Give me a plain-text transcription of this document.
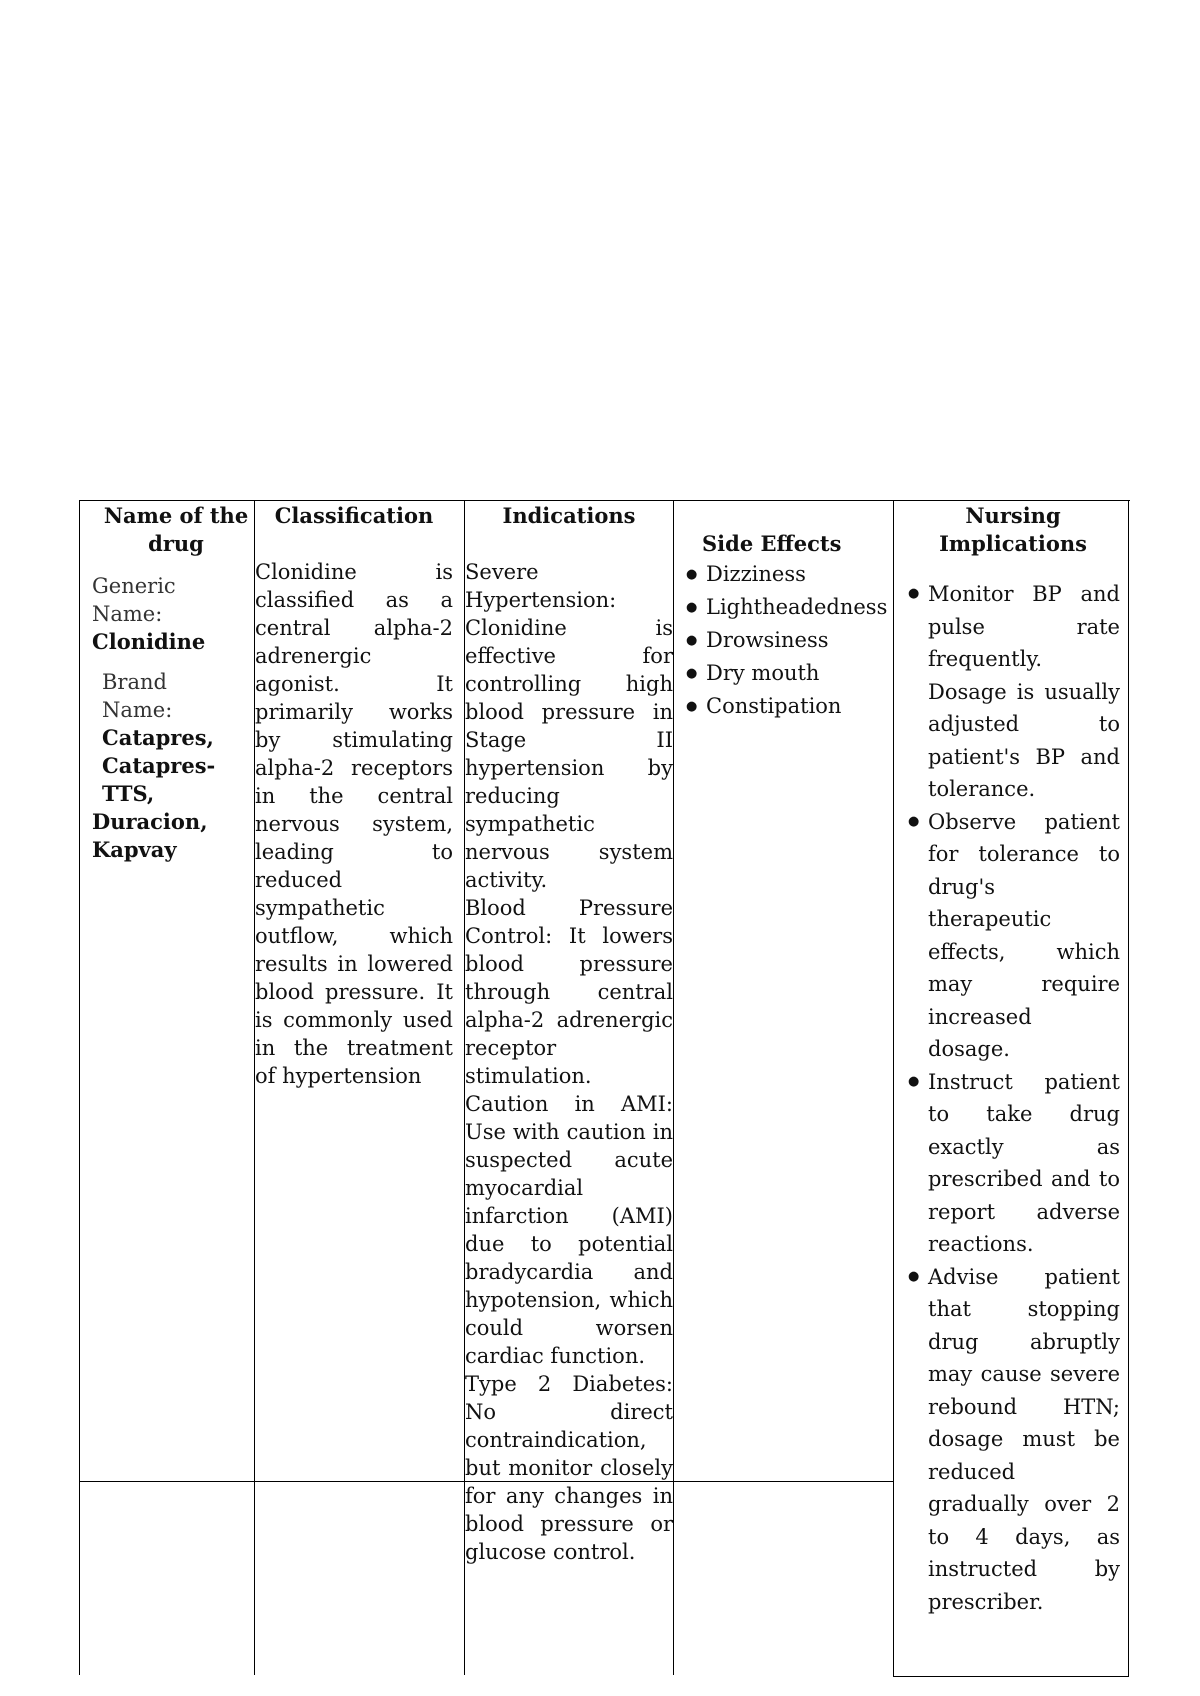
Name of the drug
Generic Name:
Clonidine
Brand Name:
Catapres,
Catapres-
TTS,
Duracion,
Kapvay
Classification
Clonidine is classified as a central alpha-2 adrenergic agonist. It primarily works by stimulating alpha-2 receptors in the central nervous system, leading to reduced sympathetic outflow, which results in lowered blood pressure. It is commonly used in the treatment of hypertension
Indications
Severe Hypertension: Clonidine is effective for controlling high blood pressure in Stage II hypertension by reducing sympathetic nervous system activity.
Blood Pressure Control: It lowers blood pressure through central alpha-2 adrenergic receptor stimulation.
Caution in AMI: Use with caution in suspected acute myocardial infarction (AMI) due to potential bradycardia and hypotension, which could worsen cardiac function.
Type 2 Diabetes: No direct contraindication, but monitor closely for any changes in blood pressure or glucose control.
Side Effects
● Dizziness
● Lightheadedness
● Drowsiness
● Dry mouth
● Constipation
Nursing Implications
● Monitor BP and pulse rate frequently. Dosage is usually adjusted to patient's BP and tolerance.
● Observe patient for tolerance to drug's therapeutic effects, which may require increased dosage.
● Instruct patient to take drug exactly as prescribed and to report adverse reactions.
● Advise patient that stopping drug abruptly may cause severe rebound HTN; dosage must be reduced gradually over 2 to 4 days, as instructed by prescriber.
